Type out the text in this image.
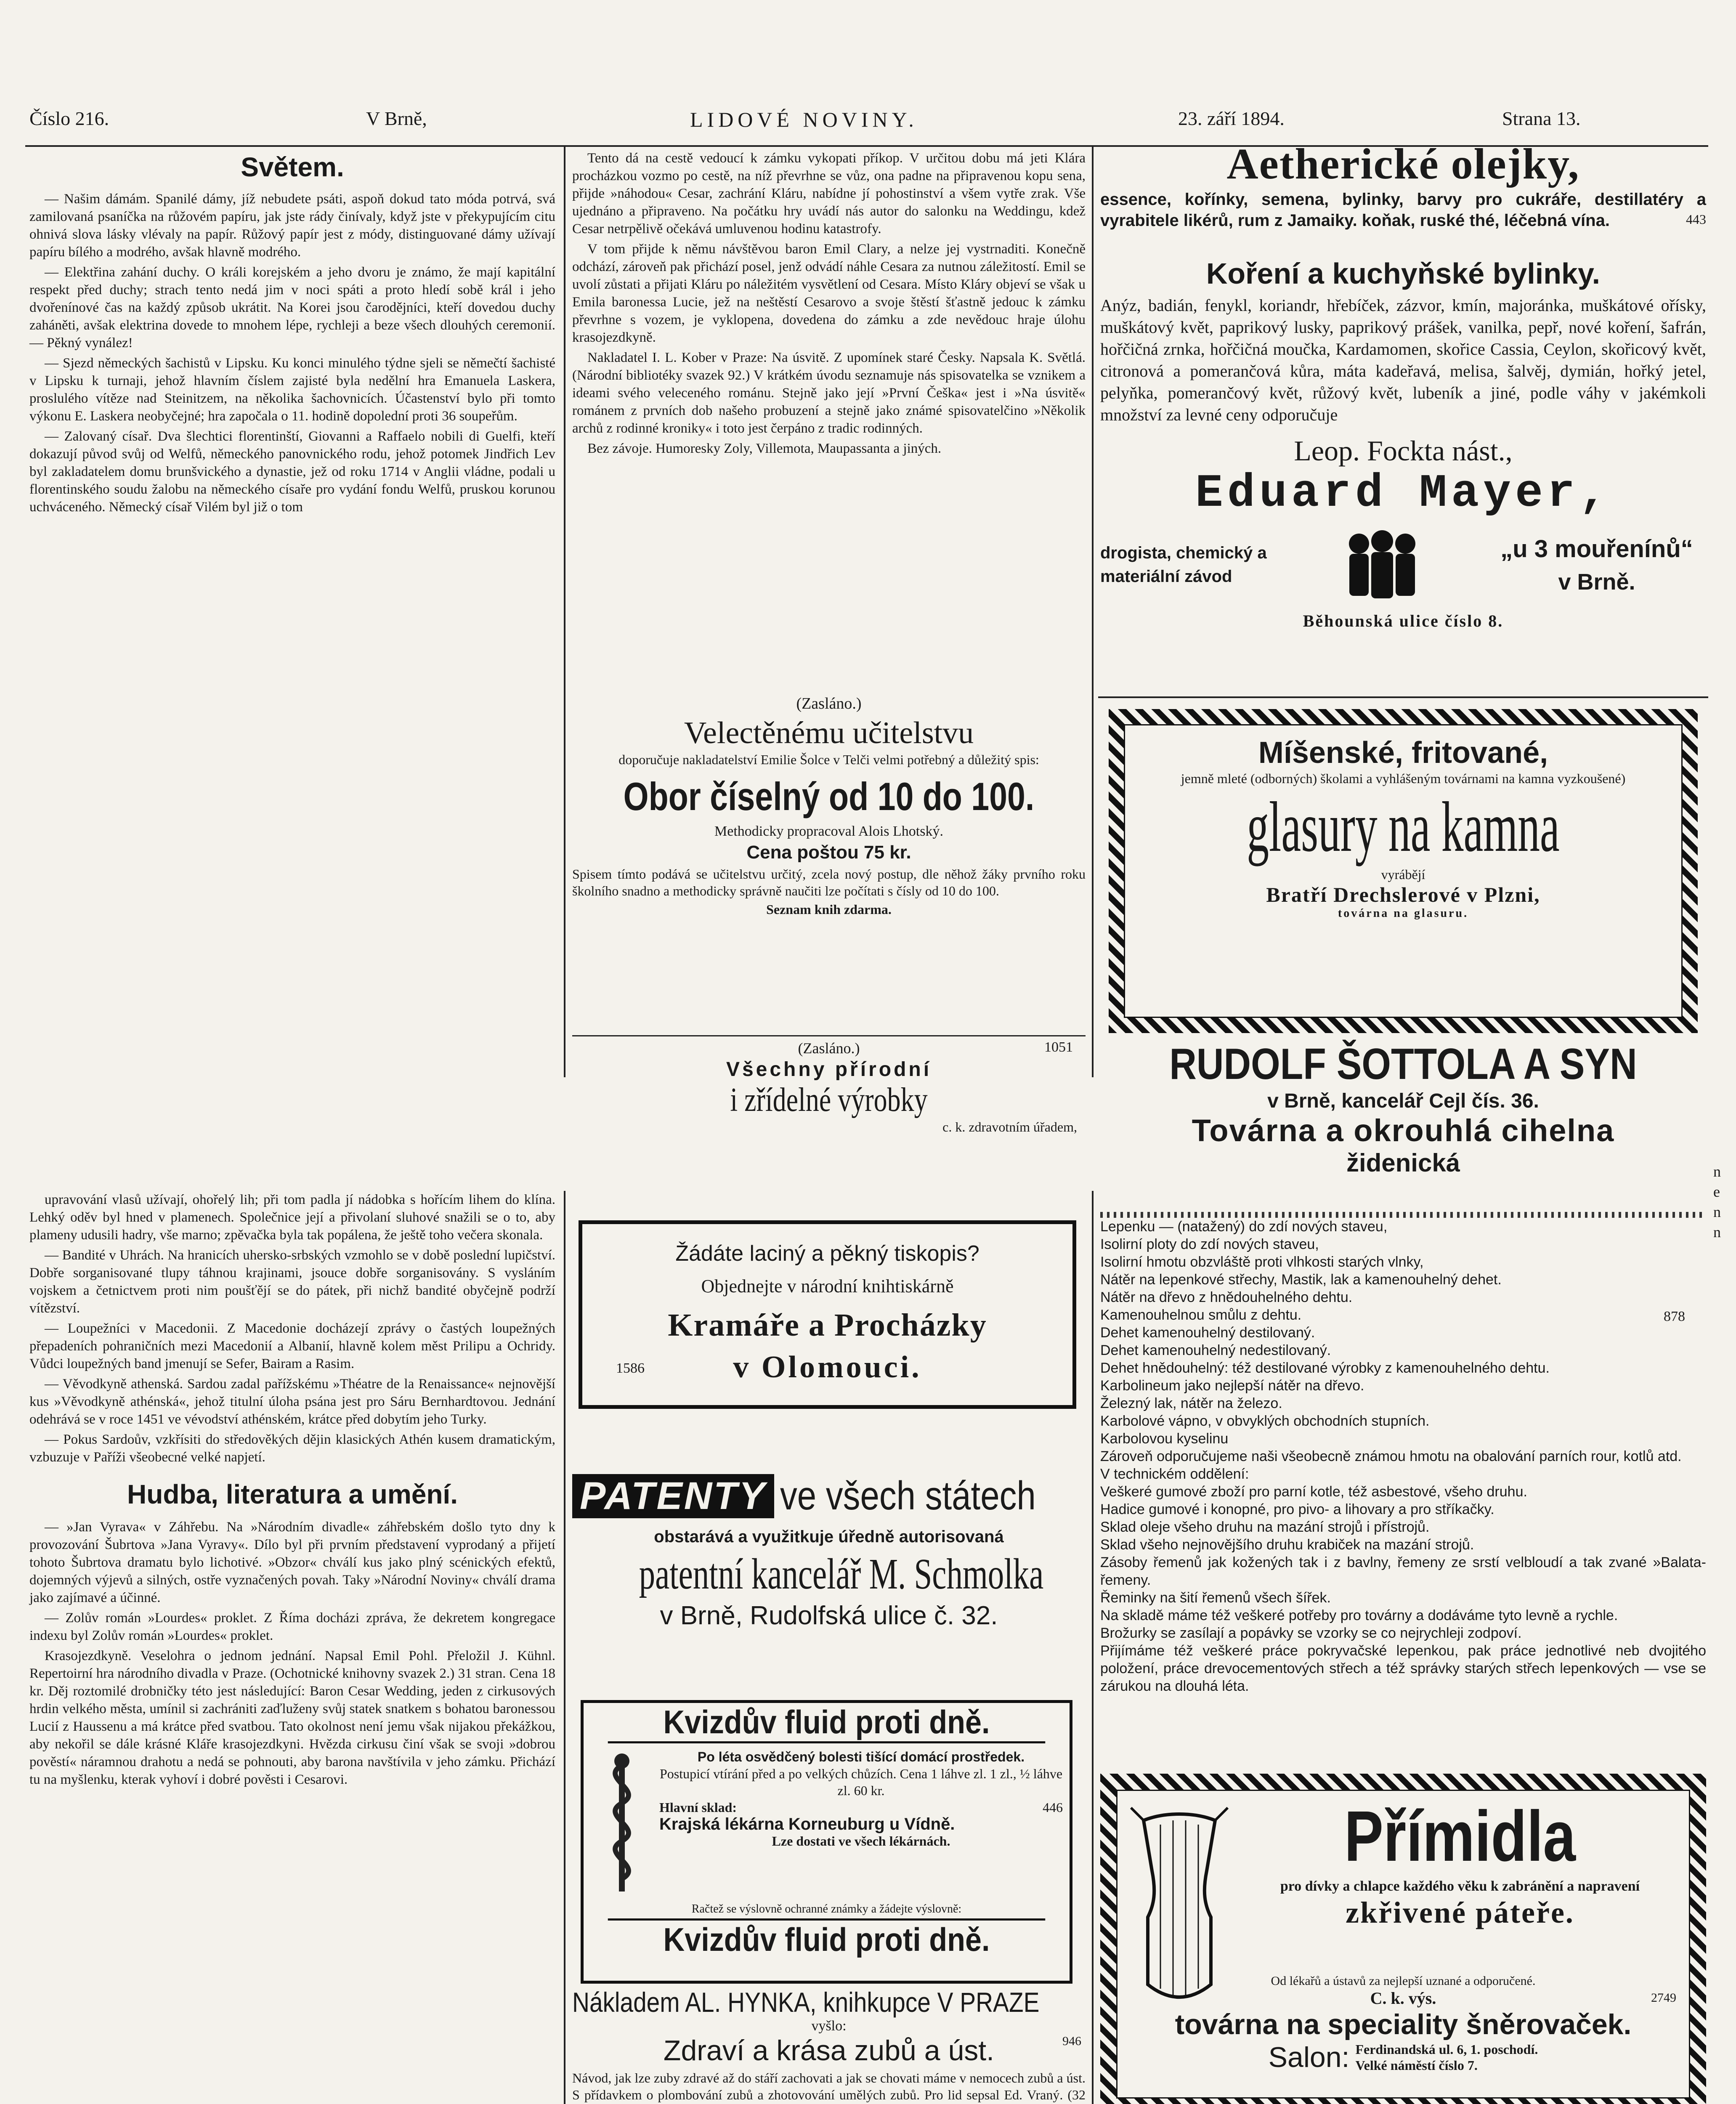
Číslo 216.	V Brně,	LIDOVÉ NOVINY.	23. září 1894.	Strana 13.
Světem.

— Našim dámám. Spanilé dámy, jíž nebudete psáti, aspoň dokud tato móda potrvá, svá zamilovaná psaníčka na růžovém papíru, jak jste rády činívaly, když jste v překypujícím citu ohnivá slova lásky vlévaly na papír. Růžový papír jest z módy, distinguované dámy užívají papíru bílého a modrého, avšak hlavně modrého.

— Elektřina zahání duchy. O králi korejském a jeho dvoru je známo, že mají kapitální respekt před duchy; strach tento nedá jim v noci spáti a proto hledí sobě král i jeho dvořenínové čas na každý způsob ukrátit. Na Korei jsou čarodějníci, kteří dovedou duchy zaháněti, avšak elektrina dovede to mnohem lépe, rychleji a beze všech dlouhých ceremonií. — Pěkný vynález!

— Sjezd německých šachistů v Lipsku. Ku konci minulého týdne sjeli se němečtí šachisté v Lipsku k turnaji, jehož hlavním číslem zajisté byla nedělní hra Emanuela Laskera, proslulého vítěze nad Steinitzem, na několika šachovnicích. Účastenství bylo při tomto výkonu E. Laskera neobyčejné; hra započala o 11. hodině dopolední proti 36 soupeřům.

— Zalovaný císař. Dva šlechtici florentinští, Giovanni a Raffaelo nobili di Guelfi, kteří dokazují původ svůj od Welfů, německého panovnického rodu, jehož potomek Jindřich Lev byl zakladatelem domu brunšvického a dynastie, jež od roku 1714 v Anglii vládne, podali u florentinského soudu žalobu na německého císaře pro vydání fondu Welfů, pruskou korunou uchváceného. Německý císař Vilém byl již o tom

upravování vlasů užívají, ohořelý lih; při tom padla jí nádobka s hořícím lihem do klína. Lehký oděv byl hned v plamenech. Společnice její a přivolaní sluhové snažili se o to, aby plameny udusili hadry, vše marno; zpěvačka byla tak popálena, že ještě toho večera skonala.

— Bandité v Uhrách. Na hranicích uhersko-srbských vzmohlo se v době poslední lupičství. Dobře sorganisované tlupy táhnou krajinami, jsouce dobře sorganisovány. S vysláním vojskem a četnictvem proti nim poušťějí se do pátek, při nichž bandité obyčejně podrží vítězství.

— Loupežníci v Macedonii. Z Macedonie docházejí zprávy o častých loupežných přepadeních pohraničních mezi Macedonií a Albanií, hlavně kolem měst Prilipu a Ochridy. Vůdci loupežných band jmenují se Sefer, Bairam a Rasim.

— Věvodkyně athenská. Sardou zadal pařížskému »Théatre de la Renaissance« nejnovější kus »Věvodkyně athénská«, jehož titulní úloha psána jest pro Sáru Bernhardtovou. Jednání odehrává se v roce 1451 ve vévodství athénském, krátce před dobytím jeho Turky.

— Pokus Sardoův, vzkřísiti do středověkých dějin klasických Athén kusem dramatickým, vzbuzuje v Paříži všeobecné velké napjetí.

Hudba, literatura a umění.

— »Jan Vyrava« v Záhřebu. Na »Národním divadle« záhřebském došlo tyto dny k provozování Šubrtova »Jana Vyravy«. Dílo byl při prvním představení vyprodaný a přijetí tohoto Šubrtova dramatu bylo lichotivé. »Obzor« chválí kus jako plný scénických efektů, dojemných výjevů a silných, ostře vyznačených povah. Taky »Národní Noviny« chválí drama jako zajímavé a účinné.

— Zolův román »Lourdes« proklet. Z Říma docházi zpráva, že dekretem kongregace indexu byl Zolův román »Lourdes« proklet.

Krasojezdkyně. Veselohra o jednom jednání. Napsal Emil Pohl. Přeložil J. Kühnl. Repertoirní hra národního divadla v Praze. (Ochotnické knihovny svazek 2.) 31 stran. Cena 18 kr. Děj roztomilé drobničky této jest následující: Baron Cesar Wedding, jeden z cirkusových hrdin velkého města, umínil si zachrániti zaďluženy svůj statek snatkem s bohatou baronessou Lucií z Haussenu a má krátce před svatbou. Tato okolnost není jemu však nijakou překážkou, aby nekořil se dále krásné Kláře krasojezdkyni. Hvězda cirkusu činí však se svoji »dobrou pověstí« náramnou drahotu a nedá se pohnouti, aby barona navštívila v jeho zámku. Přichází tu na myšlenku, kterak vyhoví i dobré pověsti i Cesarovi.

Tento dá na cestě vedoucí k zámku vykopati příkop. V určitou dobu má jeti Klára procházkou vozmo po cestě, na níž převrhne se vůz, ona padne na připravenou kopu sena, přijde »náhodou« Cesar, zachrání Kláru, nabídne jí pohostinství a všem vytře zrak. Vše ujednáno a připraveno. Na počátku hry uvádí nás autor do salonku na Weddingu, kdež Cesar netrpělivě očekává umluvenou hodinu katastrofy.

V tom přijde k němu návštěvou baron Emil Clary, a nelze jej vystrnaditi. Konečně odchází, zároveň pak přichází posel, jenž odvádí náhle Cesara za nutnou záležitostí. Emil se uvolí zůstati a přijati Kláru po náležitém vysvětlení od Cesara. Místo Kláry objeví se však u Emila baronessa Lucie, jež na neštěstí Cesarovo a svoje štěstí šťastně jedouc k zámku převrhne s vozem, je vyklopena, dovedena do zámku a zde nevědouc hraje úlohu krasojezdkyně.

Nakladatel I. L. Kober v Praze: Na úsvitě. Z upomínek staré Česky. Napsala K. Světlá. (Národní bibliotéky svazek 92.) V krátkém úvodu seznamuje nás spisovatelka se vznikem a ideami svého veleceného románu. Stejně jako její »První Češka« jest i »Na úsvitě« románem z prvních dob našeho probuzení a stejně jako známé spisovatelčino »Několik archů z rodinné kroniky« i toto jest čerpáno z tradic rodinných.

Bez závoje. Humoresky Zoly, Villemota, Maupassanta a jiných.

(Zasláno.)
Velectěnému učitelstvu
doporučuje nakladatelství Emilie Šolce v Telči velmi potřebný a důležitý spis:
Obor číselný od 10 do 100.
Methodicky propracoval Alois Lhotský.
Cena poštou 75 kr.
Spisem tímto podává se učitelstvu určitý, zcela nový postup, dle něhož žáky prvního roku školního snadno a methodicky správně naučiti lze počítati s čísly od 10 do 100.
Seznam knih zdarma.
(Zasláno.)	1051
Všechny přírodní
i zřídelné výrobky
c. k. zdravotním úřadem,
Žádáte laciný a pěkný tiskopis?
Objednejte v národní knihtiskárně
Kramáře a Procházky
1586	v Olomouci.
PATENTY ve všech státech
obstarává a využitkuje úředně autorisovaná
patentní kancelář M. Schmolka
v Brně, Rudolfská ulice č. 32.
Kvizdův fluid proti dně.
Po léta osvědčený bolesti tišící domácí prostředek.
Postupicí vtírání před a po velkých chůzích. Cena 1 láhve zl. 1 zl., ½ láhve zl. 60 kr.
Hlavní sklad:	446
Krajská lékárna Korneuburg u Vídně.
Lze dostati ve všech lékárnách.
Račtež se výslovně ochranné známky a žádejte výslovně:
Kvizdův fluid proti dně.
Nákladem AL. HYNKA, knihkupce V PRAZE
vyšlo:
Zdraví a krása zubů a úst.	946
Návod, jak lze zuby zdravé až do stáří zachovati a jak se chovati máme v nemocech zubů a úst. S přídavkem o plombování zubů a zhotovování umělých zubů. Pro lid sepsal Ed. Vraný. (32
Aetherické olejky,
essence, kořínky, semena, bylinky, barvy pro cukráře, destillatéry a vyrabitele likérů, rum z Jamaiky. koňak, ruské thé, léčebná vína.	443
Koření a kuchyňské bylinky.
Anýz, badián, fenykl, koriandr, hřebíček, zázvor, kmín, majoránka, muškátové ořísky, muškátový květ, paprikový lusky, paprikový prášek, vanilka, pepř, nové koření, šafrán, hořčičná zrnka, hořčičná moučka, Kardamomen, skořice Cassia, Ceylon, skořicový květ, citronová a pomerančová kůra, máta kadeřavá, melisa, šalvěj, dymián, hořký jetel, pelyňka, pomerančový květ, růžový květ, lubeník a jiné, podle váhy v jakémkoli množství za levné ceny odporučuje
Leop. Fockta nást.,
Eduard Mayer,
drogista, chemický a materiální závod
„u 3 mouřenínů“
v Brně.
Běhounská ulice číslo 8.
Míšenské, fritované,
jemně mleté (odborných) školami a vyhlášeným továrnami na kamna vyzkoušené)
glasury na kamna
vyrábějí
Bratří Drechslerové v Plzni,
továrna na glasuru.
RUDOLF ŠOTTOLA A SYN
v Brně, kancelář Cejl čís. 36.
Továrna a okrouhlá cihelna
židenická
Lepenku — (natažený) do zdí nových staveu,
Isolirní ploty do zdí nových staveu,
Isolirní hmotu obzvláště proti vlhkosti starých vlnky,
Nátěr na lepenkové střechy, Mastik, lak a kamenouhelný dehet.
Nátěr na dřevo z hnědouhelného dehtu.
Kamenouhelnou smůlu z dehtu.
Dehet kamenouhelný destilovaný.
Dehet kamenouhelný nedestilovaný.
Dehet hnědouhelný: též destilované výrobky z kamenouhelného dehtu.
Karbolineum jako nejlepší nátěr na dřevo.
Železný lak, nátěr na železo.
Karbolové vápno, v obvyklých obchodních stupních.
Karbolovou kyselinu
Zároveň odporučujeme naši všeobecně známou hmotu na obalování parních rour, kotlů atd.
V technickém oddělení:
Veškeré gumové zboží pro parní kotle, též asbestové, všeho druhu.
Hadice gumové i konopné, pro pivo- a lihovary a pro stříkačky.
Sklad oleje všeho druhu na mazání strojů i přístrojů.
Sklad všeho nejnovějšího druhu krabiček na mazání strojů.
Zásoby řemenů jak kožených tak i z bavlny, řemeny ze srstí velbloudí a tak zvané »Balata-řemeny.
Řeminky na šití řemenů všech šířek.
Na skladě máme též veškeré potřeby pro továrny a dodáváme tyto levně a rychle.
Brožurky se zasílají a popávky se vzorky se co nejrychleji zodpoví.
Přijímáme též veškeré práce pokryvačské lepenkou, pak práce jednotlivé neb dvojitého položení, práce drevocementových střech a též správky starých střech lepenkových — vse se zárukou na dlouhá léta.
878
Přímidla
pro dívky a chlapce každého věku k zabránění a napravení
zkřivené páteře.
Od lékařů a ústavů za nejlepší uznané a odporučené.
C. k. výs.	2749
továrna na speciality šněrovaček.
Salon: Ferdinandská ul. 6, 1. poschodí.
Velké náměstí číslo 7.
n e n n
